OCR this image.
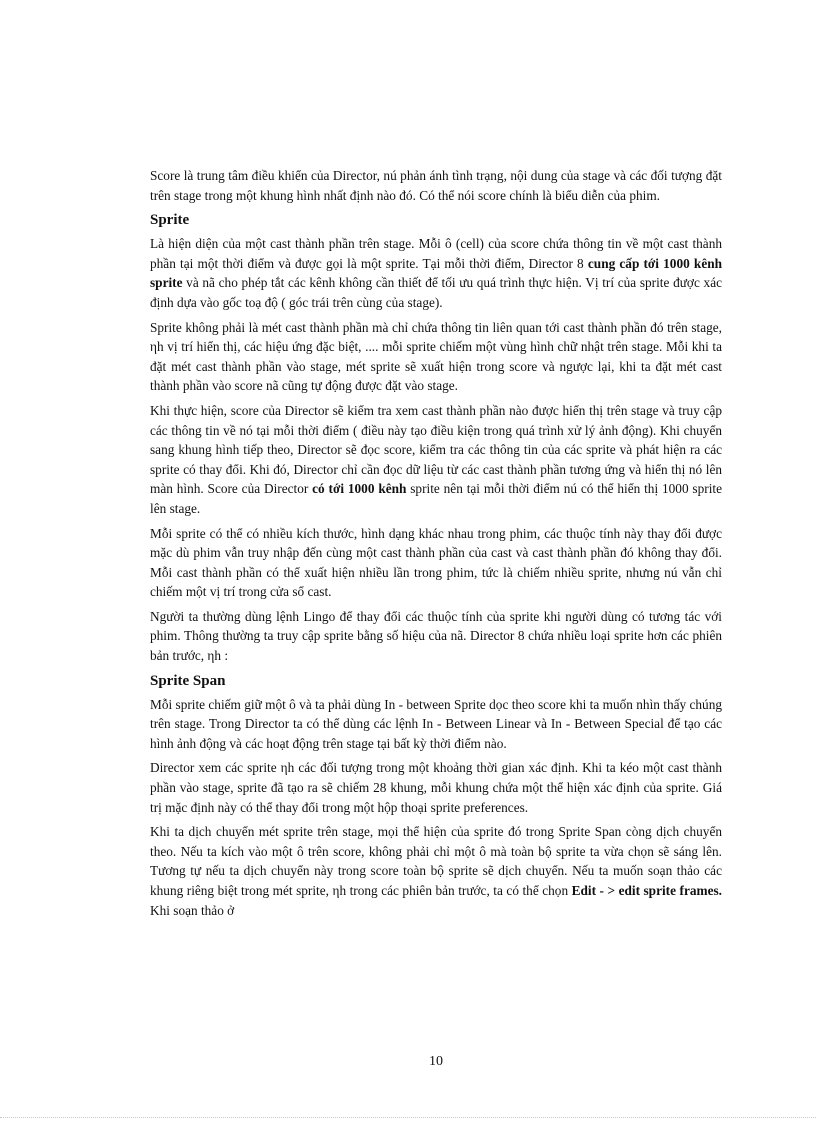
Score là trung tâm điều khiển của Director, nú phản ánh tình trạng, nội dung của stage và các đối tượng đặt trên stage trong một khung hình nhất định nào đó. Có thể nói score chính là biểu diễn của phim.

Sprite

Là hiện diện của một cast thành phần trên stage. Mỗi ô (cell) của score chứa thông tin về một cast thành phần tại một thời điểm và được gọi là một sprite. Tại mỗi thời điểm, Director 8 cung cấp tới 1000 kênh sprite và nã cho phép tắt các kênh không cần thiết để tối ưu quá trình thực hiện. Vị trí của sprite được xác định dựa vào gốc toạ độ ( góc trái trên cùng của stage).

Sprite không phải là mét cast thành phần mà chỉ chứa thông tin liên quan tới cast thành phần đó trên stage, ηh vị trí hiển thị, các hiệu ứng đặc biệt, .... mỗi sprite chiếm một vùng hình chữ nhật trên stage. Mỗi khi ta đặt mét cast thành phần vào stage, mét sprite sẽ xuất hiện trong score và ngược lại, khi ta đặt mét cast thành phần vào score nã cũng tự động được đặt vào stage.

Khi thực hiện, score của Director sẽ kiểm tra xem cast thành phần nào được hiển thị trên stage và truy cập các thông tin về nó tại mỗi thời điểm ( điều này tạo điều kiện trong quá trình xử lý ảnh động). Khi chuyển sang khung hình tiếp theo, Director sẽ đọc score, kiểm tra các thông tin của các sprite và phát hiện ra các sprite có thay đổi. Khi đó, Director chỉ cần đọc dữ liệu từ các cast thành phần tương ứng và hiển thị nó lên màn hình. Score của Director có tới 1000 kênh sprite nên tại mỗi thời điểm nú có thể hiển thị 1000 sprite lên stage.

Mỗi sprite có thể có nhiều kích thước, hình dạng khác nhau trong phim, các thuộc tính này thay đổi được mặc dù phim vẫn truy nhập đến cùng một cast thành phần của cast và cast thành phần đó không thay đổi. Mỗi cast thành phần có thể xuất hiện nhiều lần trong phim, tức là chiếm nhiều sprite, nhưng nú vẫn chỉ chiếm một vị trí trong cửa sổ cast.

Người ta thường dùng lệnh Lingo để thay đổi các thuộc tính của sprite khi người dùng có tương tác với phim. Thông thường ta truy cập sprite bằng số hiệu của nã. Director 8 chứa nhiều loại sprite hơn các phiên bản trước, ηh :

Sprite Span

Mỗi sprite chiếm giữ một ô và ta phải dùng In - between Sprite dọc theo score khi ta muốn nhìn thấy chúng trên stage. Trong Director ta có thể dùng các lệnh In - Between Linear và In - Between Special để tạo các hình ảnh động và các hoạt động trên stage tại bất kỳ thời điểm nào.

Director xem các sprite ηh các đối tượng trong một khoảng thời gian xác định. Khi ta kéo một cast thành phần vào stage, sprite đã tạo ra sẽ chiếm 28 khung, mỗi khung chứa một thể hiện xác định của sprite. Giá trị mặc định này có thể thay đổi trong một hộp thoại sprite preferences.

Khi ta dịch chuyển mét sprite trên stage, mọi thể hiện của sprite đó trong Sprite Span còng dịch chuyển theo. Nếu ta kích vào một ô trên score, không phải chỉ một ô mà toàn bộ sprite ta vừa chọn sẽ sáng lên. Tương tự nếu ta dịch chuyển này trong score toàn bộ sprite sẽ dịch chuyển. Nếu ta muốn soạn thảo các khung riêng biệt trong mét sprite, ηh trong các phiên bản trước, ta có thể chọn Edit - > edit sprite frames. Khi soạn thảo ở

10
